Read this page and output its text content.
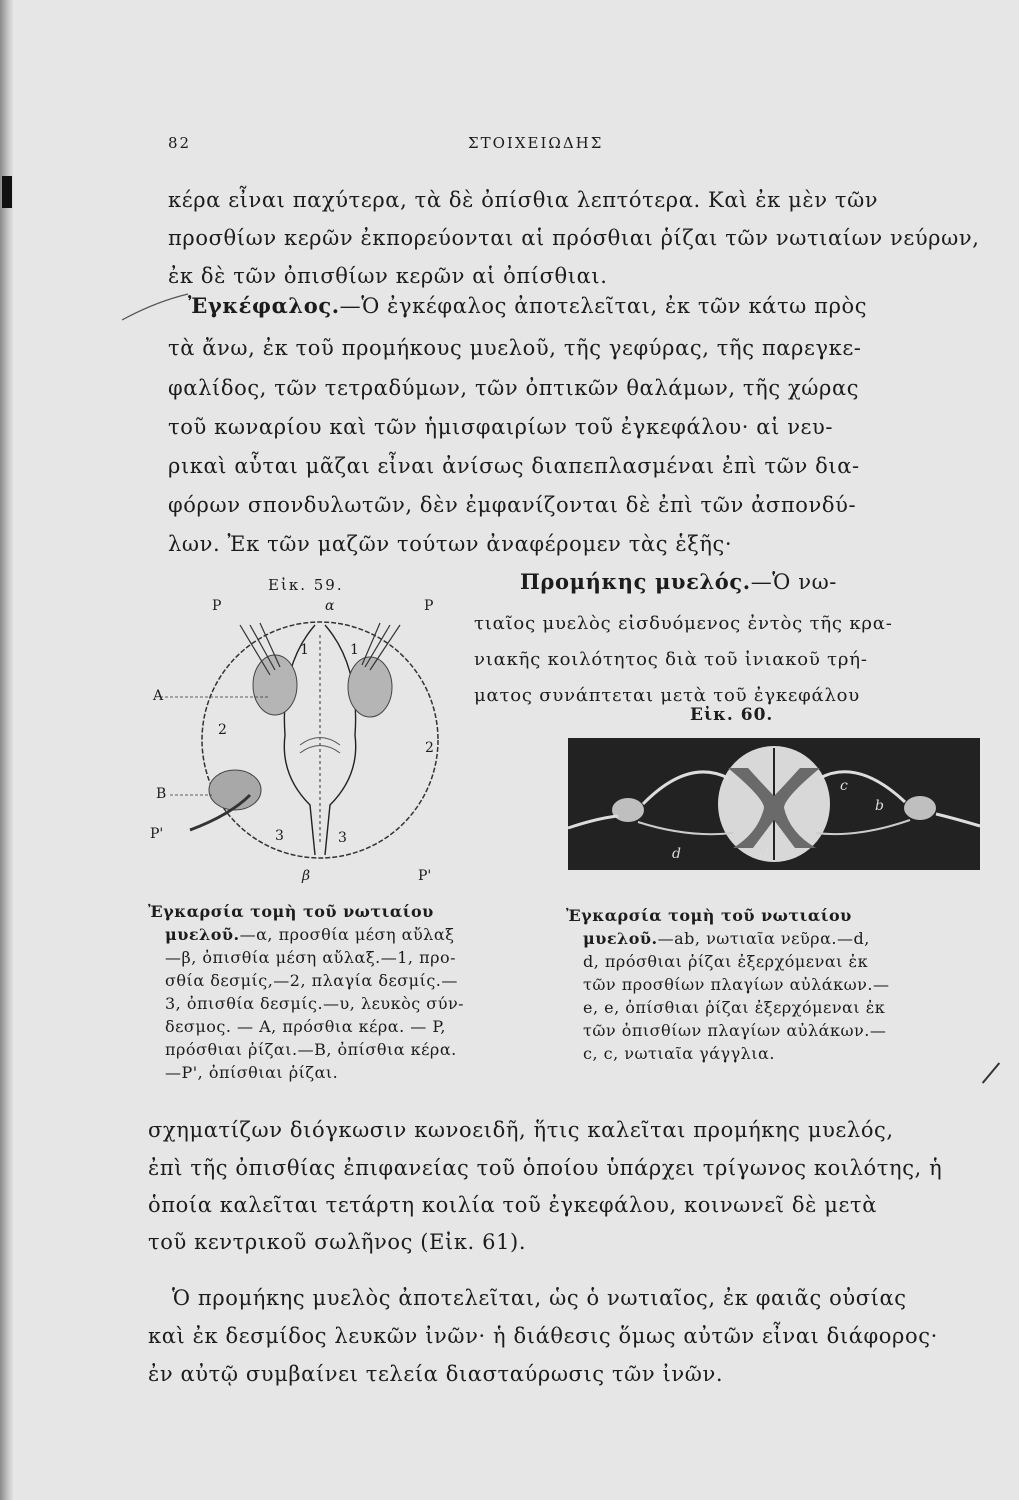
82	ΣΤΟΙΧΕΙΩΔΗΣ
κέρα εἶναι παχύτερα, τὰ δὲ ὀπίσθια λεπτότερα. Καὶ ἐκ μὲν τῶν
προσθίων κερῶν ἐκπορεύονται αἱ πρόσθιαι ῥίζαι τῶν νωτιαίων νεύρων,
ἐκ δὲ τῶν ὀπισθίων κερῶν αἱ ὀπίσθιαι.
Ἐγκέφαλος.—Ὁ ἐγκέφαλος ἀποτελεῖται, ἐκ τῶν κάτω πρὸς
τὰ ἄνω, ἐκ τοῦ προμήκους μυελοῦ, τῆς γεφύρας, τῆς παρεγκε-
φαλίδος, τῶν τετραδύμων, τῶν ὀπτικῶν θαλάμων, τῆς χώρας
τοῦ κωναρίου καὶ τῶν ἡμισφαιρίων τοῦ ἐγκεφάλου· αἱ νευ-
ρικαὶ αὗται μᾶζαι εἶναι ἀνίσως διαπεπλασμέναι ἐπὶ τῶν δια-
φόρων σπονδυλωτῶν, δὲν ἐμφανίζονται δὲ ἐπὶ τῶν ἀσπονδύ-
λων. Ἐκ τῶν μαζῶν τούτων ἀναφέρομεν τὰς ἑξῆς·
Προμήκης μυελός.—Ὁ νω-
τιαῖος μυελὸς εἰσδυόμενος ἐντὸς τῆς κρα-
νιακῆς κοιλότητος διὰ τοῦ ἰνιακοῦ τρή-
ματος συνάπτεται μετὰ τοῦ ἐγκεφάλου
Εἰκ. 59.
P	α	P
A
B
P'
β	P'
1	1
2
2
3	3
Ἐγκαρσία τομὴ τοῦ νωτιαίου
μυελοῦ.—α, προσθία μέση αὔλαξ
—β, ὀπισθία μέση αὔλαξ.—1, προ-
σθία δεσμίς,—2, πλαγία δεσμίς.—
3, ὀπισθία δεσμίς.—υ, λευκὸς σύν-
δεσμος. — A, πρόσθια κέρα. — P,
πρόσθιαι ῥίζαι.—B, ὀπίσθια κέρα.
—P', ὀπίσθιαι ῥίζαι.
Εἰκ. 60.
c
b
d	d
Ἐγκαρσία τομὴ τοῦ νωτιαίου
μυελοῦ.—ab, νωτιαῖα νεῦρα.—d,
d, πρόσθιαι ῥίζαι ἐξερχόμεναι ἐκ
τῶν προσθίων πλαγίων αὐλάκων.—
e, e, ὀπίσθιαι ῥίζαι ἐξερχόμεναι ἐκ
τῶν ὀπισθίων πλαγίων αὐλάκων.—
c, c, νωτιαῖα γάγγλια.
σχηματίζων διόγκωσιν κωνοειδῆ, ἥτις καλεῖται προμήκης μυελός,
ἐπὶ τῆς ὀπισθίας ἐπιφανείας τοῦ ὁποίου ὑπάρχει τρίγωνος κοιλότης, ἡ
ὁποία καλεῖται τετάρτη κοιλία τοῦ ἐγκεφάλου, κοινωνεῖ δὲ μετὰ
τοῦ κεντρικοῦ σωλῆνος (Εἰκ. 61).
Ὁ προμήκης μυελὸς ἀποτελεῖται, ὡς ὁ νωτιαῖος, ἐκ φαιᾶς οὐσίας
καὶ ἐκ δεσμίδος λευκῶν ἰνῶν· ἡ διάθεσις ὅμως αὐτῶν εἶναι διάφορος·
ἐν αὐτῷ συμβαίνει τελεία διασταύρωσις τῶν ἰνῶν.
